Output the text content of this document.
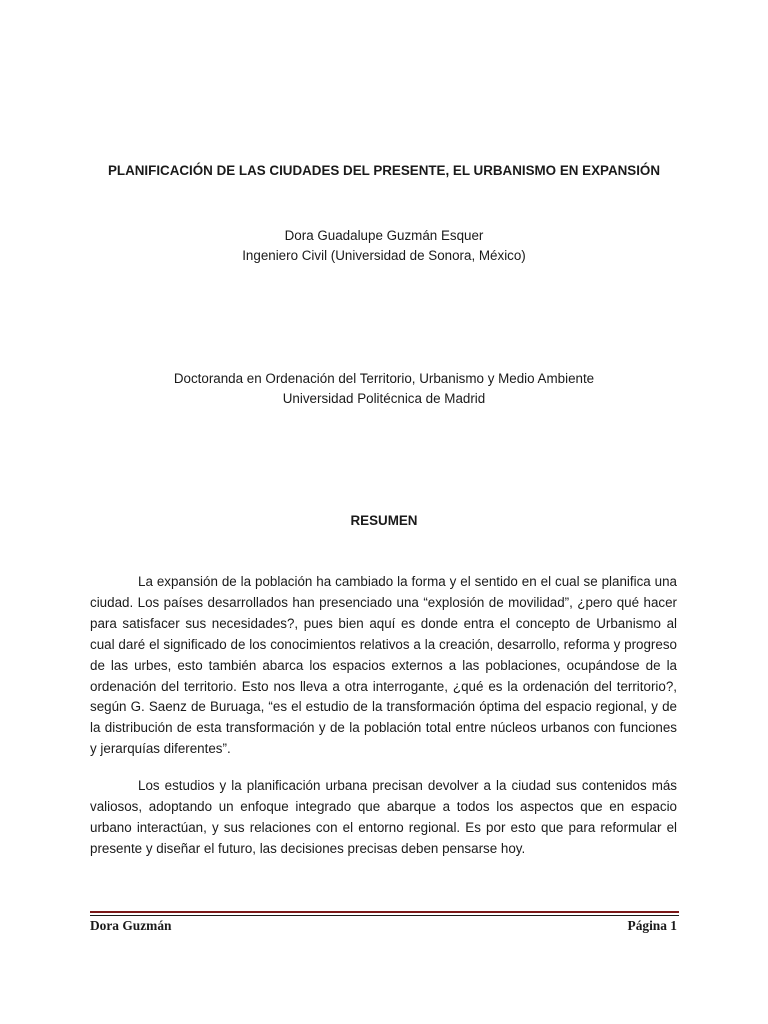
PLANIFICACIÓN DE LAS CIUDADES DEL PRESENTE, EL URBANISMO EN EXPANSIÓN
Dora Guadalupe Guzmán Esquer
Ingeniero Civil (Universidad de Sonora, México)
Doctoranda en Ordenación del Territorio, Urbanismo y Medio Ambiente
Universidad Politécnica de Madrid
RESUMEN

La expansión de la población ha cambiado la forma y el sentido en el cual se planifica una ciudad. Los países desarrollados han presenciado una “explosión de movilidad”, ¿pero qué hacer para satisfacer sus necesidades?, pues bien aquí es donde entra el concepto de Urbanismo al cual daré el significado de los conocimientos relativos a la creación, desarrollo, reforma y progreso de las urbes, esto también abarca los espacios externos a las poblaciones, ocupándose de la ordenación del territorio. Esto nos lleva a otra interrogante, ¿qué es la ordenación del territorio?, según G. Saenz de Buruaga, “es el estudio de la transformación óptima del espacio regional, y de la distribución de esta transformación y de la población total entre núcleos urbanos con funciones y jerarquías diferentes”.

Los estudios y la planificación urbana precisan devolver a la ciudad sus contenidos más valiosos, adoptando un enfoque integrado que abarque a todos los aspectos que en espacio urbano interactúan, y sus relaciones con el entorno regional. Es por esto que para reformular el presente y diseñar el futuro, las decisiones precisas deben pensarse hoy.

Dora Guzmán	Página 1
